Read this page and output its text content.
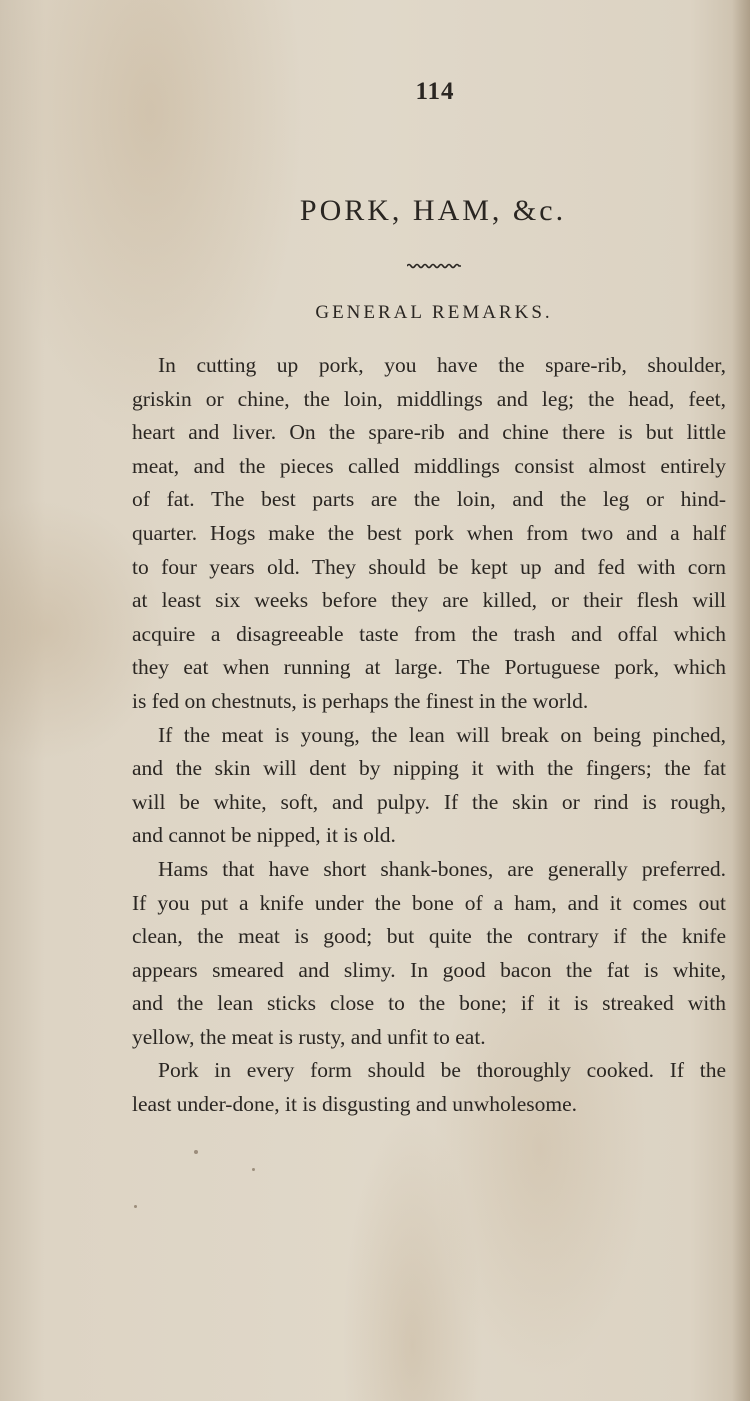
114
PORK, HAM, &c.
GENERAL REMARKS.
In cutting up pork, you have the spare-rib, shoulder,
griskin or chine, the loin, middlings and leg; the head, feet,
heart and liver. On the spare-rib and chine there is but little
meat, and the pieces called middlings consist almost entirely
of fat. The best parts are the loin, and the leg or hind-
quarter. Hogs make the best pork when from two and a half
to four years old. They should be kept up and fed with corn
at least six weeks before they are killed, or their flesh will
acquire a disagreeable taste from the trash and offal which
they eat when running at large. The Portuguese pork, which
is fed on chestnuts, is perhaps the finest in the world.
If the meat is young, the lean will break on being pinched,
and the skin will dent by nipping it with the fingers; the fat
will be white, soft, and pulpy. If the skin or rind is rough,
and cannot be nipped, it is old.
Hams that have short shank-bones, are generally preferred.
If you put a knife under the bone of a ham, and it comes out
clean, the meat is good; but quite the contrary if the knife
appears smeared and slimy. In good bacon the fat is white,
and the lean sticks close to the bone; if it is streaked with
yellow, the meat is rusty, and unfit to eat.
Pork in every form should be thoroughly cooked. If the
least under-done, it is disgusting and unwholesome.
